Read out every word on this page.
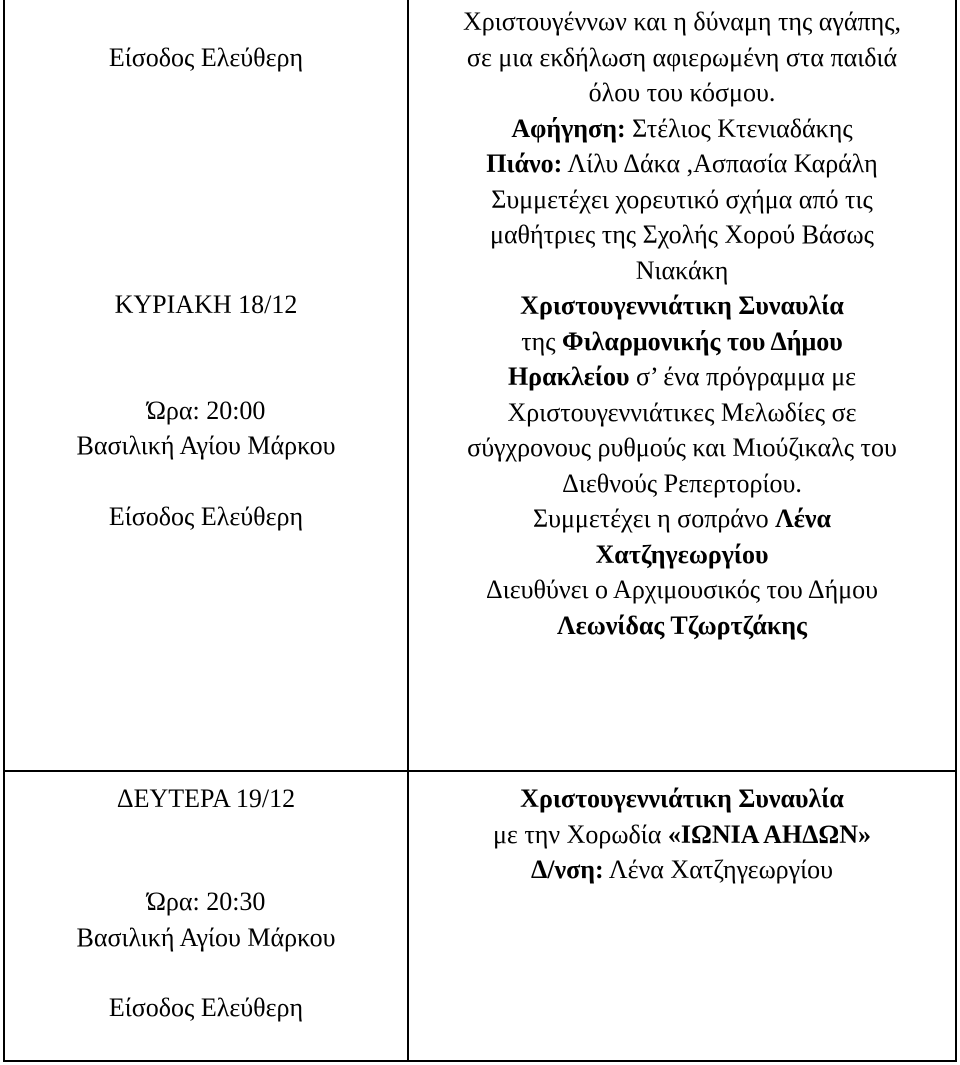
Είσοδος Ελεύθερη
ΚΥΡΙΑΚΗ 18/12
Ώρα: 20:00
Βασιλική Αγίου Μάρκου
Είσοδος Ελεύθερη
Χριστουγέννων και η δύναμη της αγάπης,
σε μια εκδήλωση αφιερωμένη στα παιδιά
όλου του κόσμου.
Αφήγηση: Στέλιος Κτενιαδάκης
Πιάνο: Λίλυ Δάκα ,Ασπασία Καράλη
Συμμετέχει χορευτικό σχήμα από τις
μαθήτριες της Σχολής Χορού Βάσως
Νιακάκη
Χριστουγεννιάτικη Συναυλία
της Φιλαρμονικής του Δήμου
Ηρακλείου σ’ ένα πρόγραμμα με
Χριστουγεννιάτικες Μελωδίες σε
σύγχρονους ρυθμούς και Μιούζικαλς του
Διεθνούς Ρεπερτορίου.
Συμμετέχει η σοπράνο Λένα
Χατζηγεωργίου
Διευθύνει ο Αρχιμουσικός του Δήμου
Λεωνίδας Τζωρτζάκης
ΔΕΥΤΕΡΑ 19/12
Ώρα: 20:30
Βασιλική Αγίου Μάρκου
Είσοδος Ελεύθερη
Χριστουγεννιάτικη Συναυλία
με την Χορωδία «ΙΩΝΙΑ ΑΗΔΩΝ»
Δ/νση: Λένα Χατζηγεωργίου
